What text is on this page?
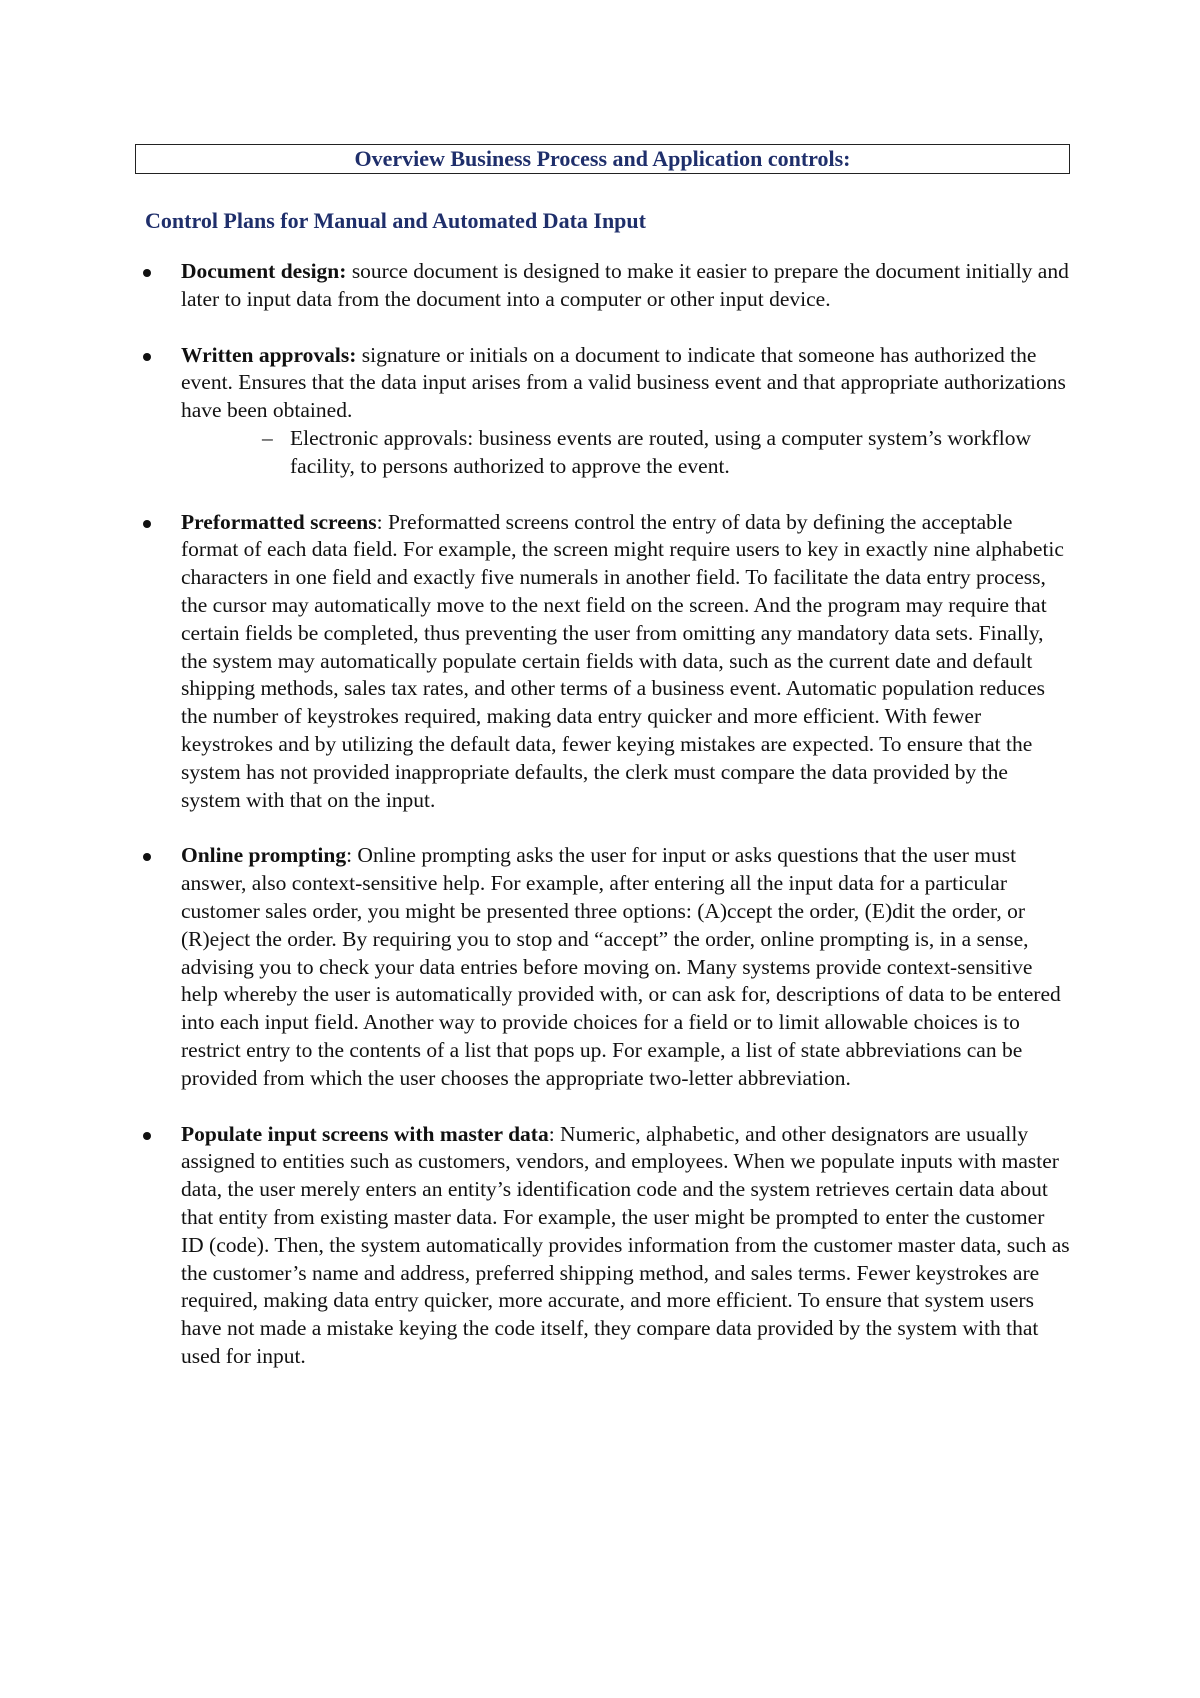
Overview Business Process and Application controls:
Control Plans for Manual and Automated Data Input
Document design: source document is designed to make it easier to prepare the document initially and later to input data from the document into a computer or other input device.
Written approvals: signature or initials on a document to indicate that someone has authorized the event. Ensures that the data input arises from a valid business event and that appropriate authorizations have been obtained.
– Electronic approvals: business events are routed, using a computer system’s workflow facility, to persons authorized to approve the event.
Preformatted screens: Preformatted screens control the entry of data by defining the acceptable format of each data field. For example, the screen might require users to key in exactly nine alphabetic characters in one field and exactly five numerals in another field. To facilitate the data entry process, the cursor may automatically move to the next field on the screen. And the program may require that certain fields be completed, thus preventing the user from omitting any mandatory data sets. Finally, the system may automatically populate certain fields with data, such as the current date and default shipping methods, sales tax rates, and other terms of a business event. Automatic population reduces the number of keystrokes required, making data entry quicker and more efficient. With fewer keystrokes and by utilizing the default data, fewer keying mistakes are expected. To ensure that the system has not provided inappropriate defaults, the clerk must compare the data provided by the system with that on the input.
Online prompting: Online prompting asks the user for input or asks questions that the user must answer, also context-sensitive help. For example, after entering all the input data for a particular customer sales order, you might be presented three options: (A)ccept the order, (E)dit the order, or (R)eject the order. By requiring you to stop and “accept” the order, online prompting is, in a sense, advising you to check your data entries before moving on. Many systems provide context-sensitive help whereby the user is automatically provided with, or can ask for, descriptions of data to be entered into each input field. Another way to provide choices for a field or to limit allowable choices is to restrict entry to the contents of a list that pops up. For example, a list of state abbreviations can be provided from which the user chooses the appropriate two-letter abbreviation.
Populate input screens with master data: Numeric, alphabetic, and other designators are usually assigned to entities such as customers, vendors, and employees. When we populate inputs with master data, the user merely enters an entity’s identification code and the system retrieves certain data about that entity from existing master data. For example, the user might be prompted to enter the customer ID (code). Then, the system automatically provides information from the customer master data, such as the customer’s name and address, preferred shipping method, and sales terms. Fewer keystrokes are required, making data entry quicker, more accurate, and more efficient. To ensure that system users have not made a mistake keying the code itself, they compare data provided by the system with that used for input.
